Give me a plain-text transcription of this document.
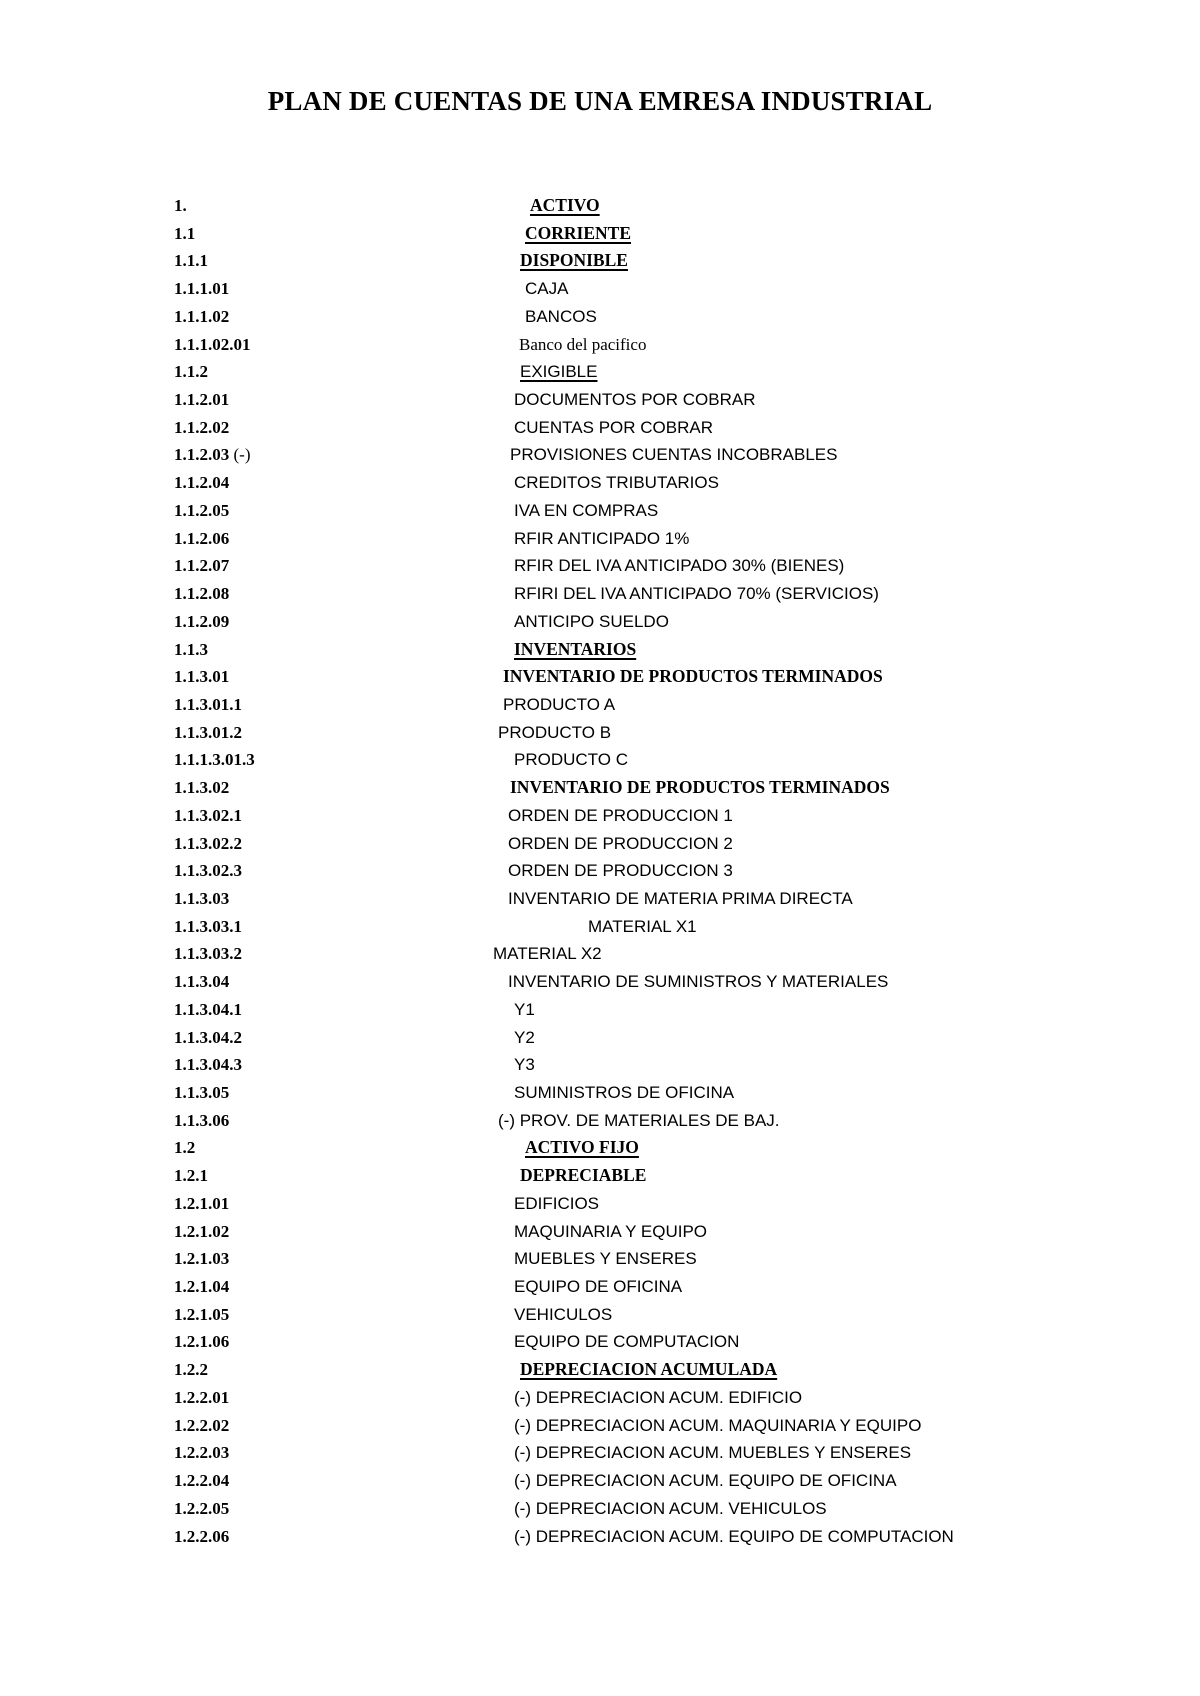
PLAN DE CUENTAS DE UNA EMRESA INDUSTRIAL
1.	ACTIVO
1.1	CORRIENTE
1.1.1	DISPONIBLE
1.1.1.01	CAJA
1.1.1.02	BANCOS
1.1.1.02.01	Banco del pacifico
1.1.2	EXIGIBLE
1.1.2.01	DOCUMENTOS POR COBRAR
1.1.2.02	CUENTAS POR COBRAR
1.1.2.03 (-)	PROVISIONES CUENTAS INCOBRABLES
1.1.2.04	CREDITOS TRIBUTARIOS
1.1.2.05	IVA EN COMPRAS
1.1.2.06	RFIR ANTICIPADO 1%
1.1.2.07	RFIR DEL IVA ANTICIPADO 30% (BIENES)
1.1.2.08	RFIRI DEL IVA ANTICIPADO 70% (SERVICIOS)
1.1.2.09	ANTICIPO SUELDO
1.1.3	INVENTARIOS
1.1.3.01	INVENTARIO DE PRODUCTOS TERMINADOS
1.1.3.01.1	PRODUCTO A
1.1.3.01.2	PRODUCTO B
1.1.1.3.01.3	PRODUCTO C
1.1.3.02	INVENTARIO DE PRODUCTOS TERMINADOS
1.1.3.02.1	ORDEN DE PRODUCCION 1
1.1.3.02.2	ORDEN DE PRODUCCION 2
1.1.3.02.3	ORDEN DE PRODUCCION 3
1.1.3.03	INVENTARIO DE MATERIA PRIMA DIRECTA
1.1.3.03.1	MATERIAL X1
1.1.3.03.2	MATERIAL X2
1.1.3.04	INVENTARIO DE SUMINISTROS Y MATERIALES
1.1.3.04.1	Y1
1.1.3.04.2	Y2
1.1.3.04.3	Y3
1.1.3.05	SUMINISTROS DE OFICINA
1.1.3.06	(-) PROV. DE MATERIALES DE BAJ.
1.2	ACTIVO FIJO
1.2.1	DEPRECIABLE
1.2.1.01	EDIFICIOS
1.2.1.02	MAQUINARIA Y EQUIPO
1.2.1.03	MUEBLES Y ENSERES
1.2.1.04	EQUIPO DE OFICINA
1.2.1.05	VEHICULOS
1.2.1.06	EQUIPO DE COMPUTACION
1.2.2	DEPRECIACION ACUMULADA
1.2.2.01	(-) DEPRECIACION ACUM. EDIFICIO
1.2.2.02	(-) DEPRECIACION ACUM. MAQUINARIA Y EQUIPO
1.2.2.03	(-) DEPRECIACION ACUM. MUEBLES Y ENSERES
1.2.2.04	(-) DEPRECIACION ACUM. EQUIPO DE OFICINA
1.2.2.05	(-) DEPRECIACION ACUM. VEHICULOS
1.2.2.06	(-) DEPRECIACION ACUM. EQUIPO DE COMPUTACION
